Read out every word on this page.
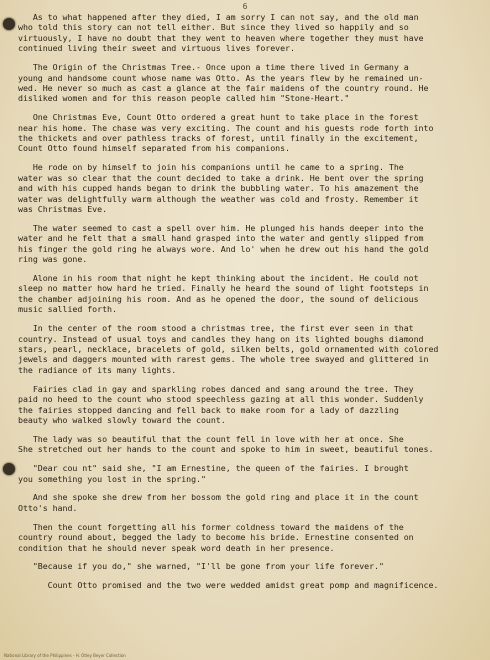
6

As to what happened after they died, I am sorry I can not say, and the old man
who told this story can not tell either. But since they lived so happily and so
virtuously, I have no doubt that they went to heaven where together they must have
continued living their sweet and virtuous lives forever.

The Origin of the Christmas Tree.- Once upon a time there lived in Germany a
young and handsome count whose name was Otto. As the years flew by he remained un-
wed. He never so much as cast a glance at the fair maidens of the country round. He
disliked women and for this reason people called him "Stone-Heart."

One Christmas Eve, Count Otto ordered a great hunt to take place in the forest
near his home. The chase was very exciting. The count and his guests rode forth into
the thickets and over pathless tracks of forest, until finally in the excitement,
Count Otto found himself separated from his companions.

He rode on by himself to join his companions until he came to a spring. The
water was so clear that the count decided to take a drink. He bent over the spring
and with his cupped hands began to drink the bubbling water. To his amazement the
water was delightfully warm although the weather was cold and frosty. Remember it
was Christmas Eve.

The water seemed to cast a spell over him. He plunged his hands deeper into the
water and he felt that a small hand grasped into the water and gently slipped from
his finger the gold ring he always wore. And lo' when he drew out his hand the gold
ring was gone.

Alone in his room that night he kept thinking about the incident. He could not
sleep no matter how hard he tried. Finally he heard the sound of light footsteps in
the chamber adjoining his room. And as he opened the door, the sound of delicious
music sallied forth.

In the center of the room stood a christmas tree, the first ever seen in that
country. Instead of usual toys and candles they hang on its lighted boughs diamond
stars, pearl, necklace, bracelets of gold, silken belts, gold ornamented with colored
jewels and daggers mounted with rarest gems. The whole tree swayed and glittered in
the radiance of its many lights.

Fairies clad in gay and sparkling robes danced and sang around the tree. They
paid no heed to the count who stood speechless gazing at all this wonder. Suddenly
the fairies stopped dancing and fell back to make room for a lady of dazzling
beauty who walked slowly toward the count.

The lady was so beautiful that the count fell in love with her at once. She
She stretched out her hands to the count and spoke to him in sweet, beautiful tones.

"Dear cou nt" said she, "I am Ernestine, the queen of the fairies. I brought
you something you lost in the spring."

And she spoke she drew from her bossom the gold ring and place it in the count
Otto's hand.

Then the count forgetting all his former coldness toward the maidens of the
country round about, begged the lady to become his bride. Ernestine consented on
condition that he should never speak word death in her presence.

"Because if you do," she warned, "I'll be gone from your life forever."

Count Otto promised and the two were wedded amidst great pomp and magnificence.

National Library of the Philippines - H. Otley Beyer Collection
